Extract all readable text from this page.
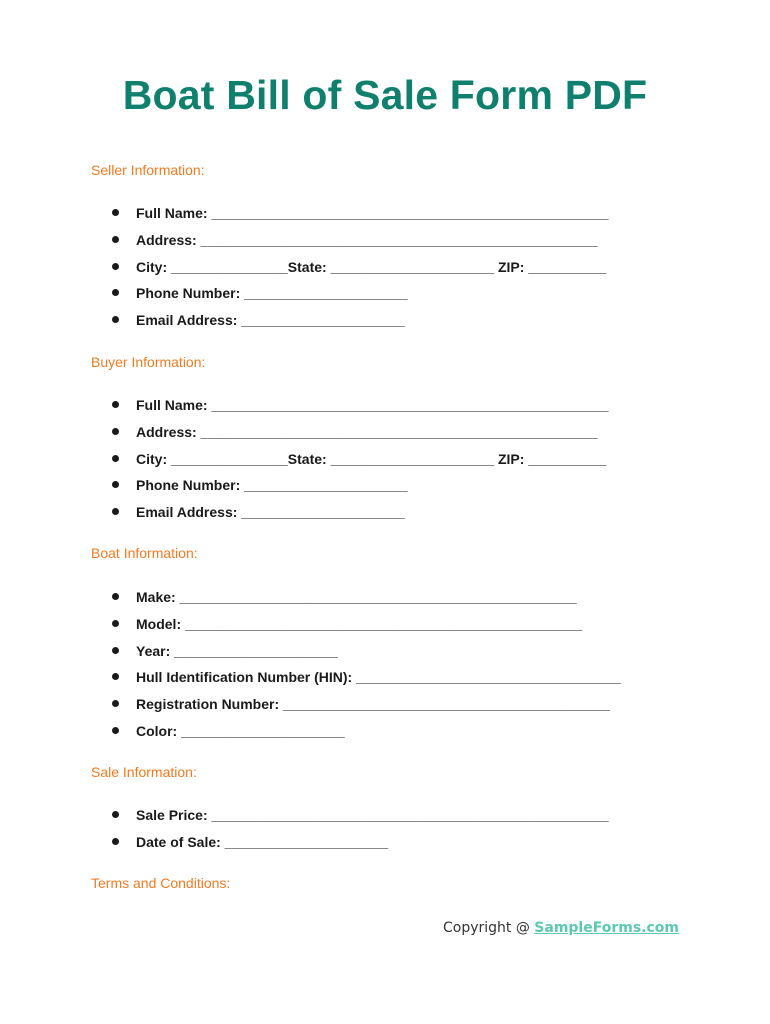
Boat Bill of Sale Form PDF
Seller Information:
Full Name: ___________________________________________________
Address: ___________________________________________________
City: _______________State: _____________________ ZIP: __________
Phone Number: _____________________
Email Address: _____________________
Buyer Information:
Full Name: ___________________________________________________
Address: ___________________________________________________
City: _______________State: _____________________ ZIP: __________
Phone Number: _____________________
Email Address: _____________________
Boat Information:
Make: ___________________________________________________
Model: ___________________________________________________
Year: _____________________
Hull Identification Number (HIN): __________________________________
Registration Number: __________________________________________
Color: _____________________
Sale Information:
Sale Price: ___________________________________________________
Date of Sale: _____________________
Terms and Conditions:
Copyright @ SampleForms.com
